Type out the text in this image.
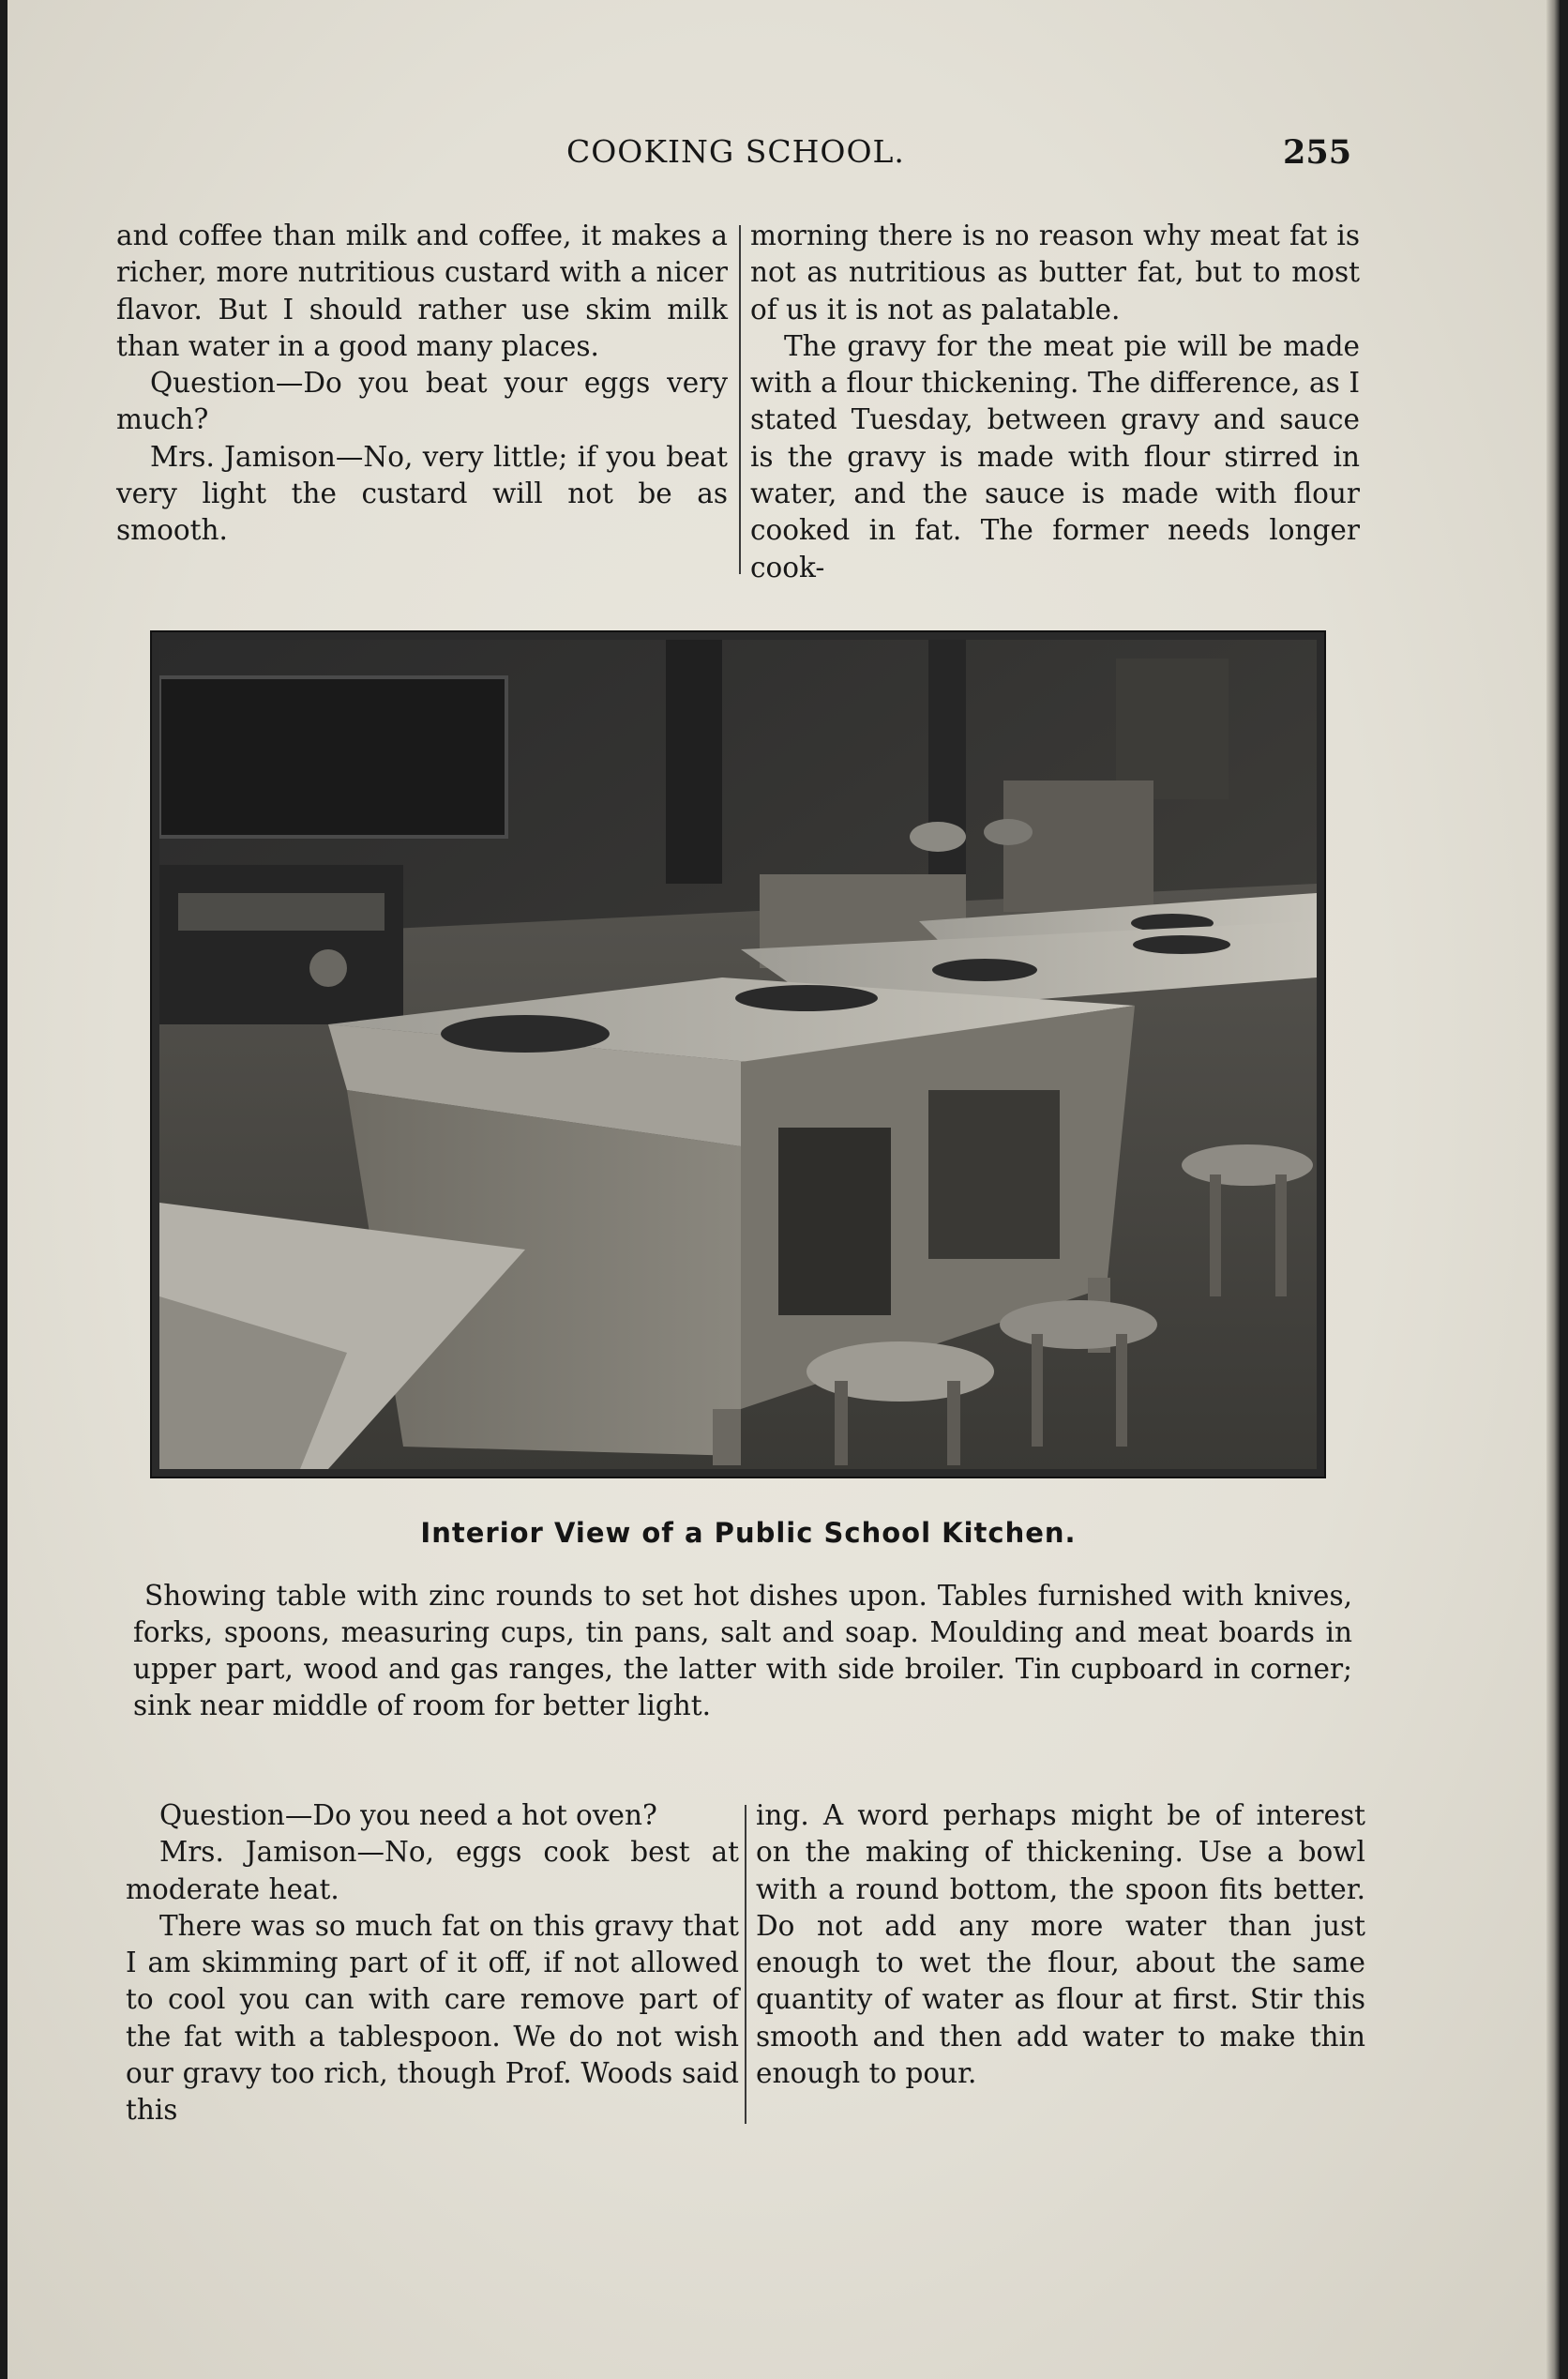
COOKING SCHOOL.	255

and coffee than milk and coffee, it makes a richer, more nutritious custard with a nicer flavor. But I should rather use skim milk than water in a good many places.

Question—Do you beat your eggs very much?

Mrs. Jamison—No, very little; if you beat very light the custard will not be as smooth.

morning there is no reason why meat fat is not as nutritious as butter fat, but to most of us it is not as palatable.

The gravy for the meat pie will be made with a flour thickening. The difference, as I stated Tuesday, between gravy and sauce is the gravy is made with flour stirred in water, and the sauce is made with flour cooked in fat. The former needs longer cook-

Interior View of a Public School Kitchen.

Showing table with zinc rounds to set hot dishes upon. Tables furnished with knives, forks, spoons, measuring cups, tin pans, salt and soap. Moulding and meat boards in upper part, wood and gas ranges, the latter with side broiler. Tin cupboard in corner; sink near middle of room for better light.

Question—Do you need a hot oven?

Mrs. Jamison—No, eggs cook best at moderate heat.

There was so much fat on this gravy that I am skimming part of it off, if not allowed to cool you can with care remove part of the fat with a tablespoon. We do not wish our gravy too rich, though Prof. Woods said this

ing. A word perhaps might be of interest on the making of thickening. Use a bowl with a round bottom, the spoon fits better. Do not add any more water than just enough to wet the flour, about the same quantity of water as flour at first. Stir this smooth and then add water to make thin enough to pour.
